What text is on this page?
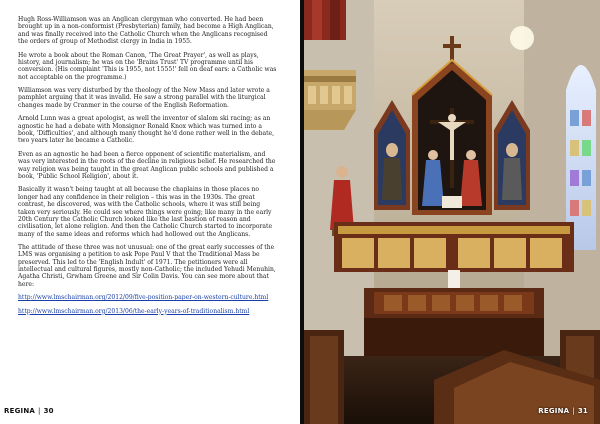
Hugh Ross-Williamson was an Anglican clergyman who converted. He had been brought up in a non-conformist (Presbyterian) family, had become a High Anglican, and was finally received into the Catholic Church when the Anglicans recognised the orders of group of Methodist clergy in India in 1955.

He wrote a book about the Roman Canon, 'The Great Prayer', as well as plays, history, and journalism; he was on the 'Brains Trust' TV programme until his conversion. (His complaint 'This is 1955, not 1555!' fell on deaf ears: a Catholic was not acceptable on the programme.)

Williamson was very disturbed by the theology of the New Mass and later wrote a pamphlet arguing that it was invalid. He saw a strong parallel with the liturgical changes made by Cranmer in the course of the English Reformation.

Arnold Lunn was a great apologist, as well the inventor of slalom ski racing; as an agnostic he had a debate with Monsignor Ronald Knox which was turned into a book, 'Difficulties', and although many thought he'd done rather well in the debate, two years later he became a Catholic.

Even as an agnostic he had been a fierce opponent of scientific materialism, and was very interested in the roots of the decline in religious belief. He researched the way religion was being taught in the great Anglican public schools and published a book, 'Public School Religion', about it.

Basically it wasn't being taught at all because the chaplains in those places no longer had any confidence in their religion – this was in the 1930s. The great contrast, he discovered, was with the Catholic schools, where it was still being taken very seriously. He could see where things were going; like many in the early 20th Century the Catholic Church looked like the last bastion of reason and civilisation, let alone religion. And then the Catholic Church started to incorporate many of the same ideas and reforms which had hollowed out the Anglicans.

The attitude of these three was not unusual: one of the great early successes of the LMS was organising a petition to ask Pope Paul V that the Traditional Mass be preserved. This led to the 'English Indult' of 1971. The petitioners were all intellectual and cultural figures, mostly non-Catholic; the included Yehudi Menuhin, Agatha Christi, Grwham Greene and Sir Colin Davis. You can see more about that here:

http://www.lmschairman.org/2012/09/five-position-paper-on-western-culture.html
http://www.lmschairman.org/2013/06/the-early-years-of-traditionalism.html
REGINA | 30	REGINA | 31
